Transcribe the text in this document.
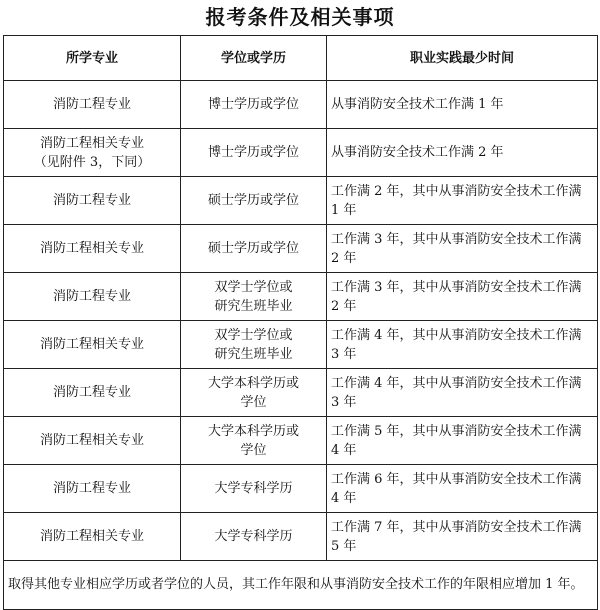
报考条件及相关事项
所学专业	学位或学历	职业实践最少时间

消防工程专业	博士学历或学位	从事消防安全技术工作满 1 年

消防工程相关专业
（见附件 3，下同）	博士学历或学位	从事消防安全技术工作满 2 年

消防工程专业	硕士学历或学位	工作满 2 年，其中从事消防安全技术工作满
1 年

消防工程相关专业	硕士学历或学位	工作满 3 年，其中从事消防安全技术工作满
2 年

消防工程专业	双学士学位或
研究生班毕业	工作满 3 年，其中从事消防安全技术工作满
2 年

消防工程相关专业	双学士学位或
研究生班毕业	工作满 4 年，其中从事消防安全技术工作满
3 年

消防工程专业	大学本科学历或
学位	工作满 4 年，其中从事消防安全技术工作满
3 年

消防工程相关专业	大学本科学历或
学位	工作满 5 年，其中从事消防安全技术工作满
4 年

消防工程专业	大学专科学历	工作满 6 年，其中从事消防安全技术工作满
4 年

消防工程相关专业	大学专科学历	工作满 7 年，其中从事消防安全技术工作满
5 年

取得其他专业相应学历或者学位的人员，其工作年限和从事消防安全技术工作的年限相应增加 1 年。		
